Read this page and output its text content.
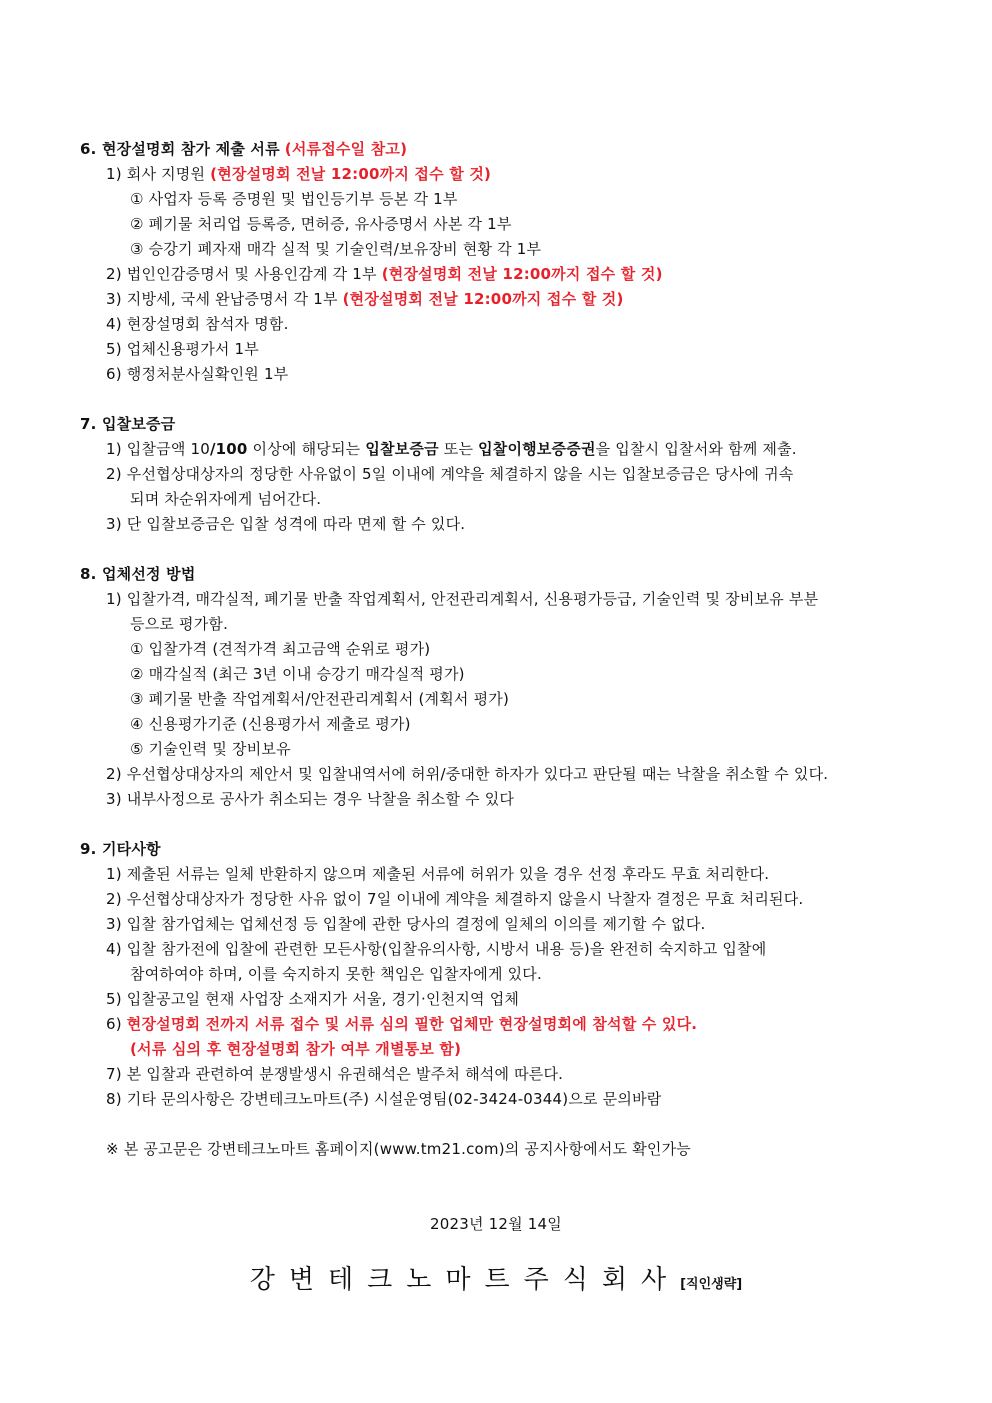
6. 현장설명회 참가 제출 서류 (서류접수일 참고)
1) 회사 지명원 (현장설명회 전날 12:00까지 접수 할 것)
① 사업자 등록 증명원 및 법인등기부 등본 각 1부
② 폐기물 처리업 등록증, 면허증, 유사증명서 사본 각 1부
③ 승강기 폐자재 매각 실적 및 기술인력/보유장비 현황 각 1부
2) 법인인감증명서 및 사용인감계 각 1부 (현장설명회 전날 12:00까지 접수 할 것)
3) 지방세, 국세 완납증명서 각 1부 (현장설명회 전날 12:00까지 접수 할 것)
4) 현장설명회 참석자 명함.
5) 업체신용평가서 1부
6) 행정처분사실확인원 1부
7. 입찰보증금
1) 입찰금액 10/100 이상에 해당되는 입찰보증금 또는 입찰이행보증증권을 입찰시 입찰서와 함께 제출.
2) 우선협상대상자의 정당한 사유없이 5일 이내에 계약을 체결하지 않을 시는 입찰보증금은 당사에 귀속
되며 차순위자에게 넘어간다.
3) 단 입찰보증금은 입찰 성격에 따라 면제 할 수 있다.
8. 업체선정 방법
1) 입찰가격, 매각실적, 폐기물 반출 작업계획서, 안전관리계획서, 신용평가등급, 기술인력 및 장비보유 부분
등으로 평가함.
① 입찰가격 (견적가격 최고금액 순위로 평가)
② 매각실적 (최근 3년 이내 승강기 매각실적 평가)
③ 폐기물 반출 작업계획서/안전관리계획서 (계획서 평가)
④ 신용평가기준 (신용평가서 제출로 평가)
⑤ 기술인력 및 장비보유
2) 우선협상대상자의 제안서 및 입찰내역서에 허위/중대한 하자가 있다고 판단될 때는 낙찰을 취소할 수 있다.
3) 내부사정으로 공사가 취소되는 경우 낙찰을 취소할 수 있다
9. 기타사항
1) 제출된 서류는 일체 반환하지 않으며 제출된 서류에 허위가 있을 경우 선정 후라도 무효 처리한다.
2) 우선협상대상자가 정당한 사유 없이 7일 이내에 계약을 체결하지 않을시 낙찰자 결정은 무효 처리된다.
3) 입찰 참가업체는 업체선정 등 입찰에 관한 당사의 결정에 일체의 이의를 제기할 수 없다.
4) 입찰 참가전에 입찰에 관련한 모든사항(입찰유의사항, 시방서 내용 등)을 완전히 숙지하고 입찰에
참여하여야 하며, 이를 숙지하지 못한 책임은 입찰자에게 있다.
5) 입찰공고일 현재 사업장 소재지가 서울, 경기·인천지역 업체
6) 현장설명회 전까지 서류 접수 및 서류 심의 필한 업체만 현장설명회에 참석할 수 있다.
(서류 심의 후 현장설명회 참가 여부 개별통보 함)
7) 본 입찰과 관련하여 분쟁발생시 유권해석은 발주처 해석에 따른다.
8) 기타 문의사항은 강변테크노마트(주) 시설운영팀(02-3424-0344)으로 문의바람
※ 본 공고문은 강변테크노마트 홈페이지(www.tm21.com)의 공지사항에서도 확인가능
2023년 12월 14일
강변테크노마트주식회사[직인생략]
